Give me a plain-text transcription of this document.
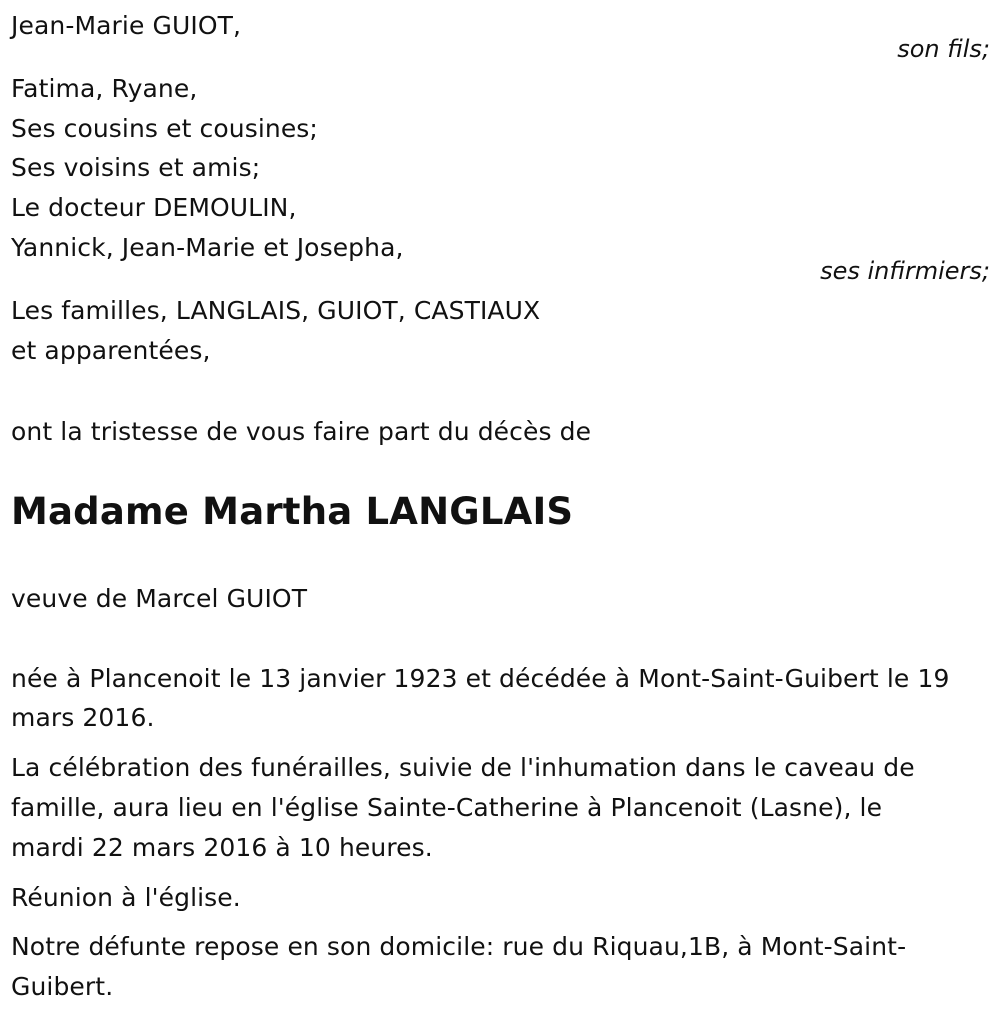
Jean-Marie GUIOT,
son fils;
Fatima, Ryane,
Ses cousins et cousines;
Ses voisins et amis;
Le docteur DEMOULIN,
Yannick, Jean-Marie et Josepha,
ses infirmiers;
Les familles, LANGLAIS, GUIOT, CASTIAUX
et apparentées,
ont la tristesse de vous faire part du décès de
Madame Martha LANGLAIS
veuve de Marcel GUIOT
née à Plancenoit le 13 janvier 1923 et décédée à Mont-Saint-Guibert le 19
mars 2016.
La célébration des funérailles, suivie de l'inhumation dans le caveau de
famille, aura lieu en l'église Sainte-Catherine à Plancenoit (Lasne), le
mardi 22 mars 2016 à 10 heures.
Réunion à l'église.
Notre défunte repose en son domicile: rue du Riquau,1B, à Mont-Saint-
Guibert.
